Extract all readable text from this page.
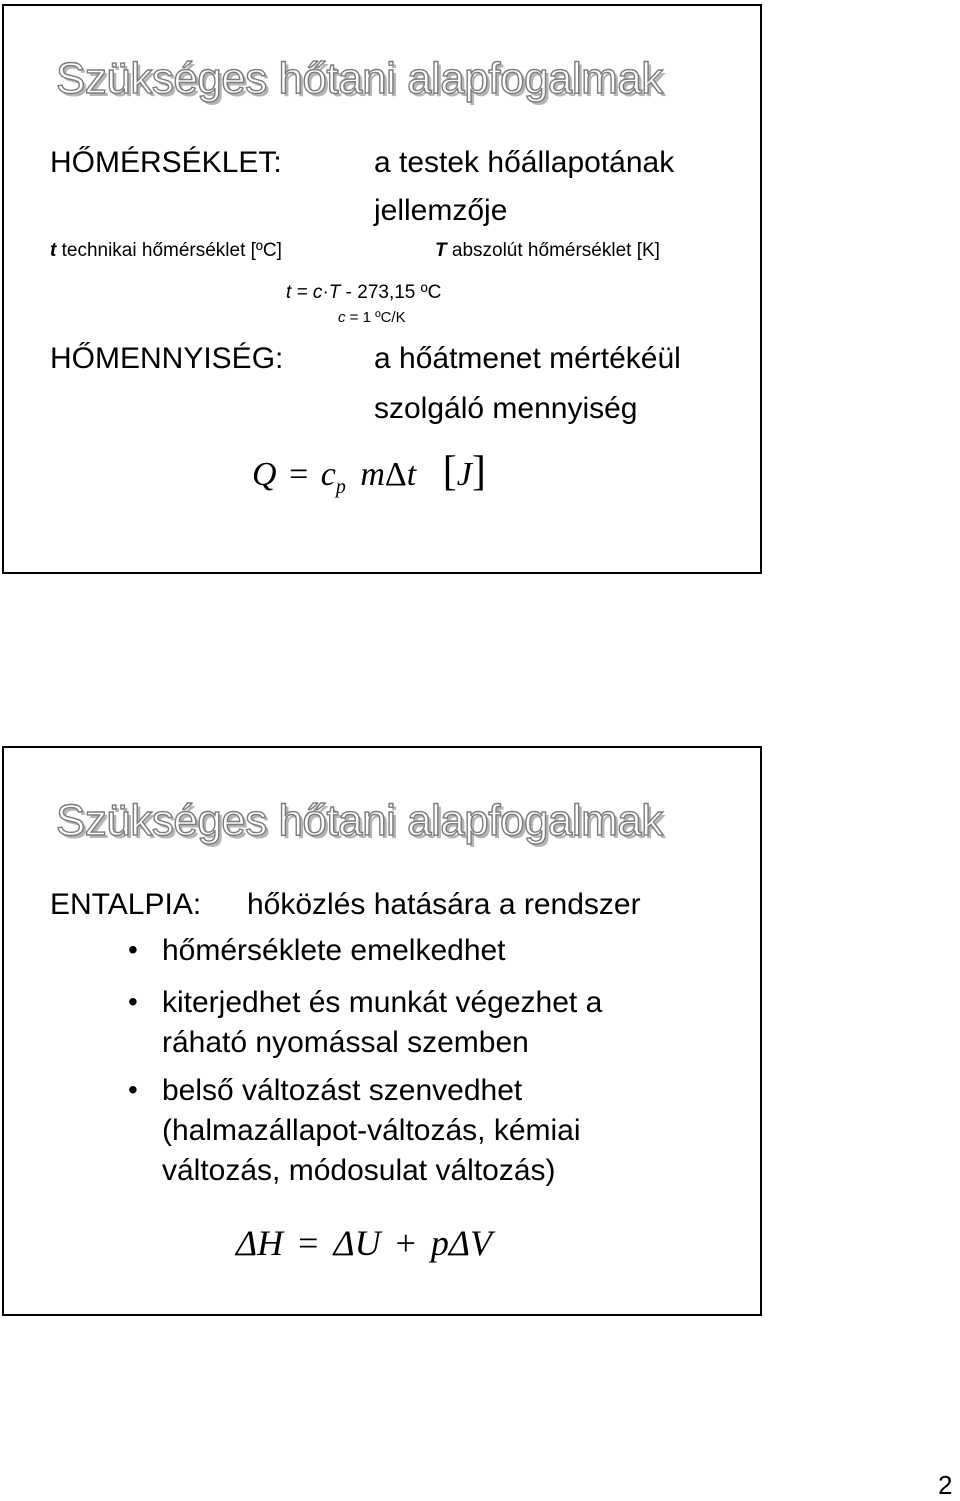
Szükséges hőtani alapfogalmak
HŐMÉRSÉKLET:	a testek hőállapotának
jellemzője
t technikai hőmérséklet [ºC]	T abszolút hőmérséklet [K]
t = c·T - 273,15 ºC
c = 1 ºC/K
HŐMENNYISÉG:	a hőátmenet mértékéül
szolgáló mennyiség
$Q = c_p$ mΔt [J]
Szükséges hőtani alapfogalmak
ENTALPIA: hőközlés hatására a rendszer
• hőmérséklete emelkedhet
• kiterjedhet és munkát végezhet a
ráható nyomással szemben
• belső változást szenvedhet
(halmazállapot-változás, kémiai
változás, módosulat változás)
ΔH = ΔU + pΔV
2
